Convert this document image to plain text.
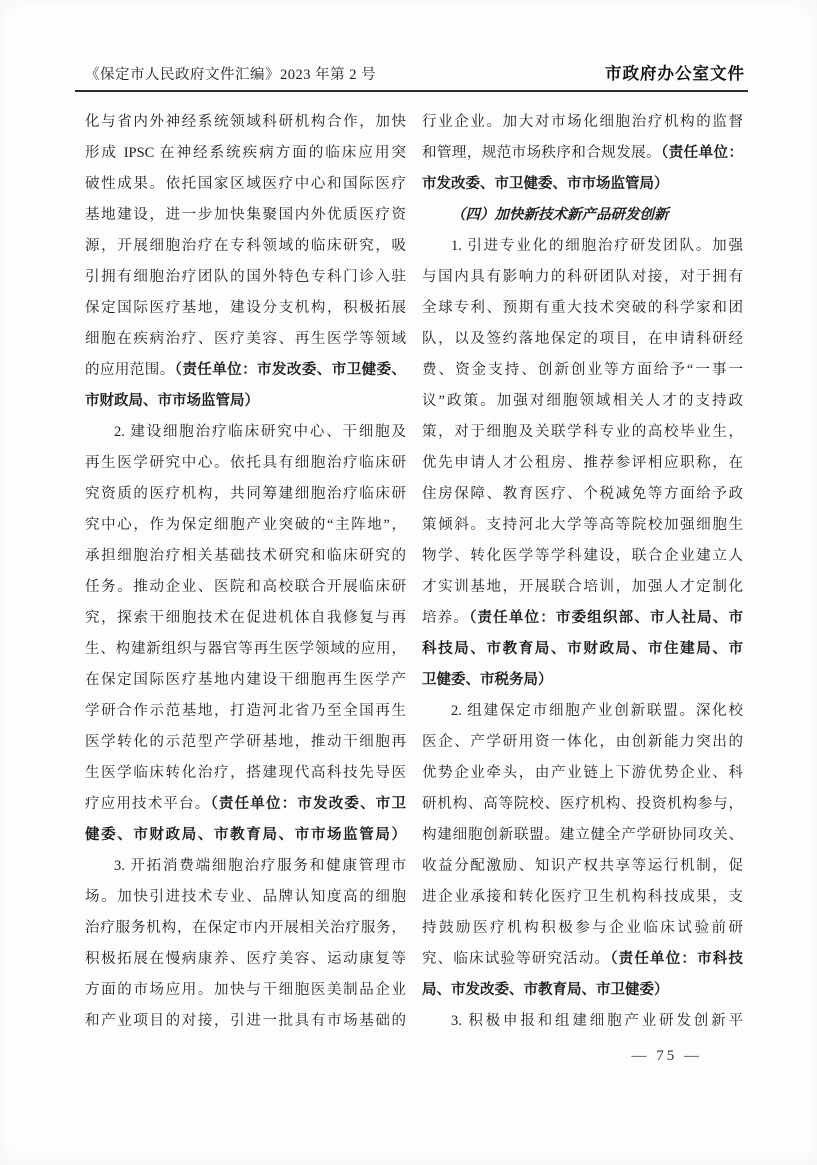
《保定市人民政府文件汇编》2023 年第 2 号	市政府办公室文件
化与省内外神经系统领域科研机构合作，加快
形成 IPSC 在神经系统疾病方面的临床应用突
破性成果。依托国家区域医疗中心和国际医疗
基地建设，进一步加快集聚国内外优质医疗资
源，开展细胞治疗在专科领域的临床研究，吸
引拥有细胞治疗团队的国外特色专科门诊入驻
保定国际医疗基地，建设分支机构，积极拓展
细胞在疾病治疗、医疗美容、再生医学等领域
的应用范围。（责任单位：市发改委、市卫健委、
市财政局、市市场监管局）
2. 建设细胞治疗临床研究中心、干细胞及
再生医学研究中心。依托具有细胞治疗临床研
究资质的医疗机构，共同筹建细胞治疗临床研
究中心，作为保定细胞产业突破的“主阵地”，
承担细胞治疗相关基础技术研究和临床研究的
任务。推动企业、医院和高校联合开展临床研
究，探索干细胞技术在促进机体自我修复与再
生、构建新组织与器官等再生医学领域的应用，
在保定国际医疗基地内建设干细胞再生医学产
学研合作示范基地，打造河北省乃至全国再生
医学转化的示范型产学研基地，推动干细胞再
生医学临床转化治疗，搭建现代高科技先导医
疗应用技术平台。（责任单位：市发改委、市卫
健委、市财政局、市教育局、市市场监管局）
3. 开拓消费端细胞治疗服务和健康管理市
场。加快引进技术专业、品牌认知度高的细胞
治疗服务机构，在保定市内开展相关治疗服务，
积极拓展在慢病康养、医疗美容、运动康复等
方面的市场应用。加快与干细胞医美制品企业
和产业项目的对接，引进一批具有市场基础的
行业企业。加大对市场化细胞治疗机构的监督
和管理，规范市场秩序和合规发展。（责任单位：
市发改委、市卫健委、市市场监管局）
（四）加快新技术新产品研发创新
1. 引进专业化的细胞治疗研发团队。加强
与国内具有影响力的科研团队对接，对于拥有
全球专利、预期有重大技术突破的科学家和团
队，以及签约落地保定的项目，在申请科研经
费、资金支持、创新创业等方面给予“一事一
议”政策。加强对细胞领域相关人才的支持政
策，对于细胞及关联学科专业的高校毕业生，
优先申请人才公租房、推荐参评相应职称，在
住房保障、教育医疗、个税减免等方面给予政
策倾斜。支持河北大学等高等院校加强细胞生
物学、转化医学等学科建设，联合企业建立人
才实训基地，开展联合培训，加强人才定制化
培养。（责任单位：市委组织部、市人社局、市
科技局、市教育局、市财政局、市住建局、市
卫健委、市税务局）
2. 组建保定市细胞产业创新联盟。深化校
医企、产学研用资一体化，由创新能力突出的
优势企业牵头，由产业链上下游优势企业、科
研机构、高等院校、医疗机构、投资机构参与，
构建细胞创新联盟。建立健全产学研协同攻关、
收益分配激励、知识产权共享等运行机制，促
进企业承接和转化医疗卫生机构科技成果，支
持鼓励医疗机构积极参与企业临床试验前研
究、临床试验等研究活动。（责任单位：市科技
局、市发改委、市教育局、市卫健委）
3. 积极申报和组建细胞产业研发创新平
— 75 —
